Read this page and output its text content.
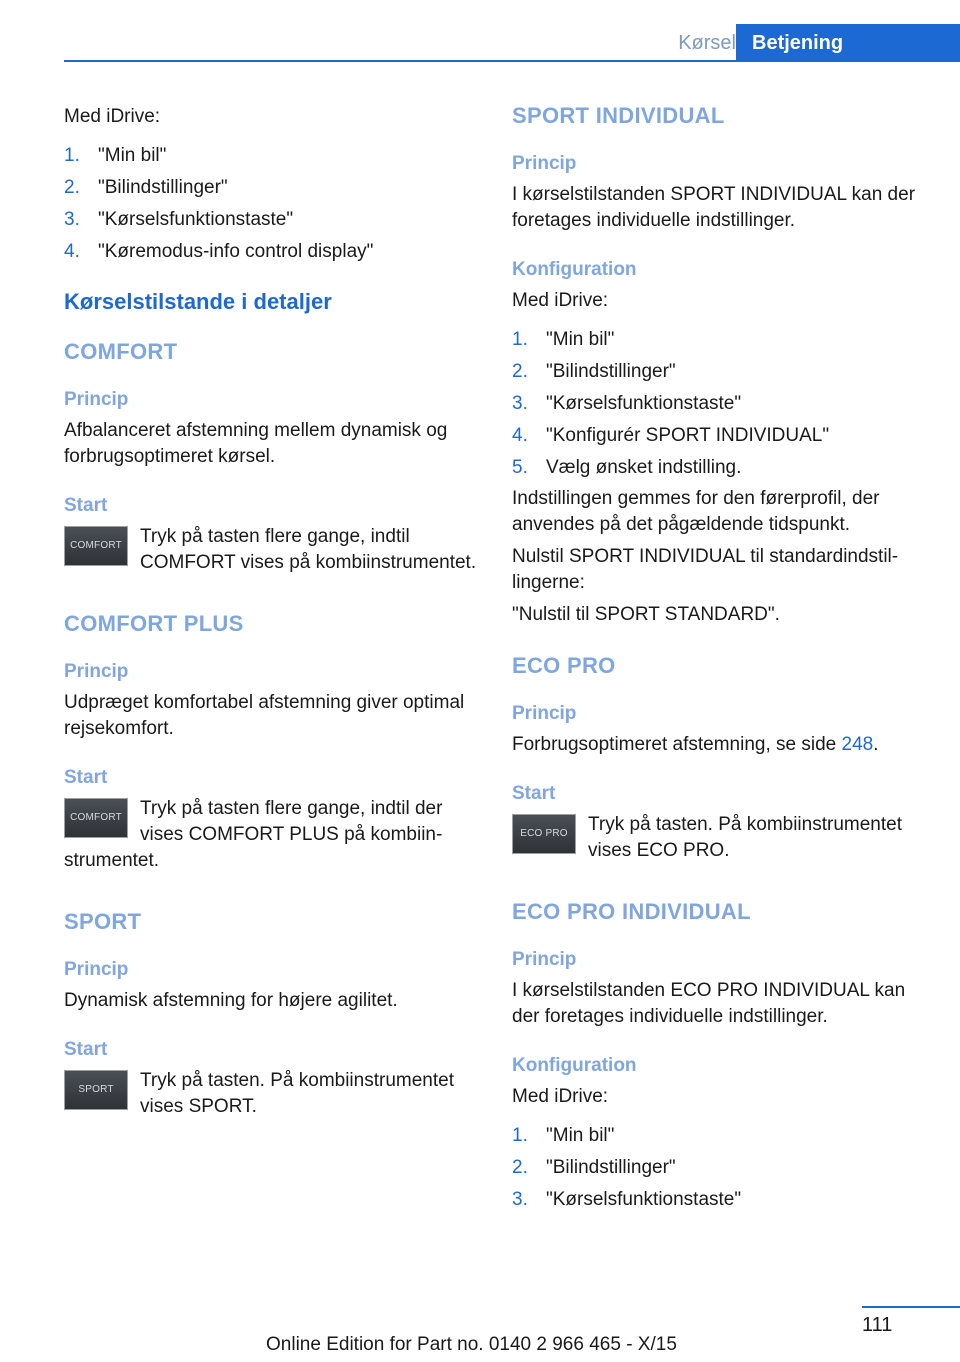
Kørsel Betjening

Med iDrive:

1. "Min bil"
2. "Bilindstillinger"
3. "Kørselsfunktionstaste"
4. "Køremodus-info control display"
Kørselstilstande i detaljer
COMFORT
Princip

Afbalanceret afstemning mellem dynamisk og forbrugsoptimeret kørsel.

Start
COMFORT Tryk på tasten flere gange, indtil COMFORT vises på kombiinstrumentet.

COMFORT PLUS
Princip

Udpræget komfortabel afstemning giver optimal rejsekomfort.

Start
COMFORT Tryk på tasten flere gange, indtil der vises COMFORT PLUS på kombiinstrumentet.

SPORT
Princip

Dynamisk afstemning for højere agilitet.

Start
SPORT	Tryk på tasten. På kombiinstrumentet vises SPORT.

SPORT INDIVIDUAL
Princip

I kørselstilstanden SPORT INDIVIDUAL kan der foretages individuelle indstillinger.

Konfiguration

Med iDrive:

1. "Min bil"
2. "Bilindstillinger"
3. "Kørselsfunktionstaste"
4. "Konfigurér SPORT INDIVIDUAL"
5. Vælg ønsket indstilling.

Indstillingen gemmes for den førerprofil, der anvendes på det pågældende tidspunkt.

Nulstil SPORT INDIVIDUAL til standardindstillingerne:

"Nulstil til SPORT STANDARD".

ECO PRO
Princip

Forbrugsoptimeret afstemning, se side 248.

Start
ECO PRO	Tryk på tasten. På kombiinstrumentet vises ECO PRO.

ECO PRO INDIVIDUAL
Princip

I kørselstilstanden ECO PRO INDIVIDUAL kan der foretages individuelle indstillinger.

Konfiguration

Med iDrive:

1. "Min bil"
2. "Bilindstillinger"
3. "Kørselsfunktionstaste"
111
Online Edition for Part no. 0140 2 966 465 - X/15
